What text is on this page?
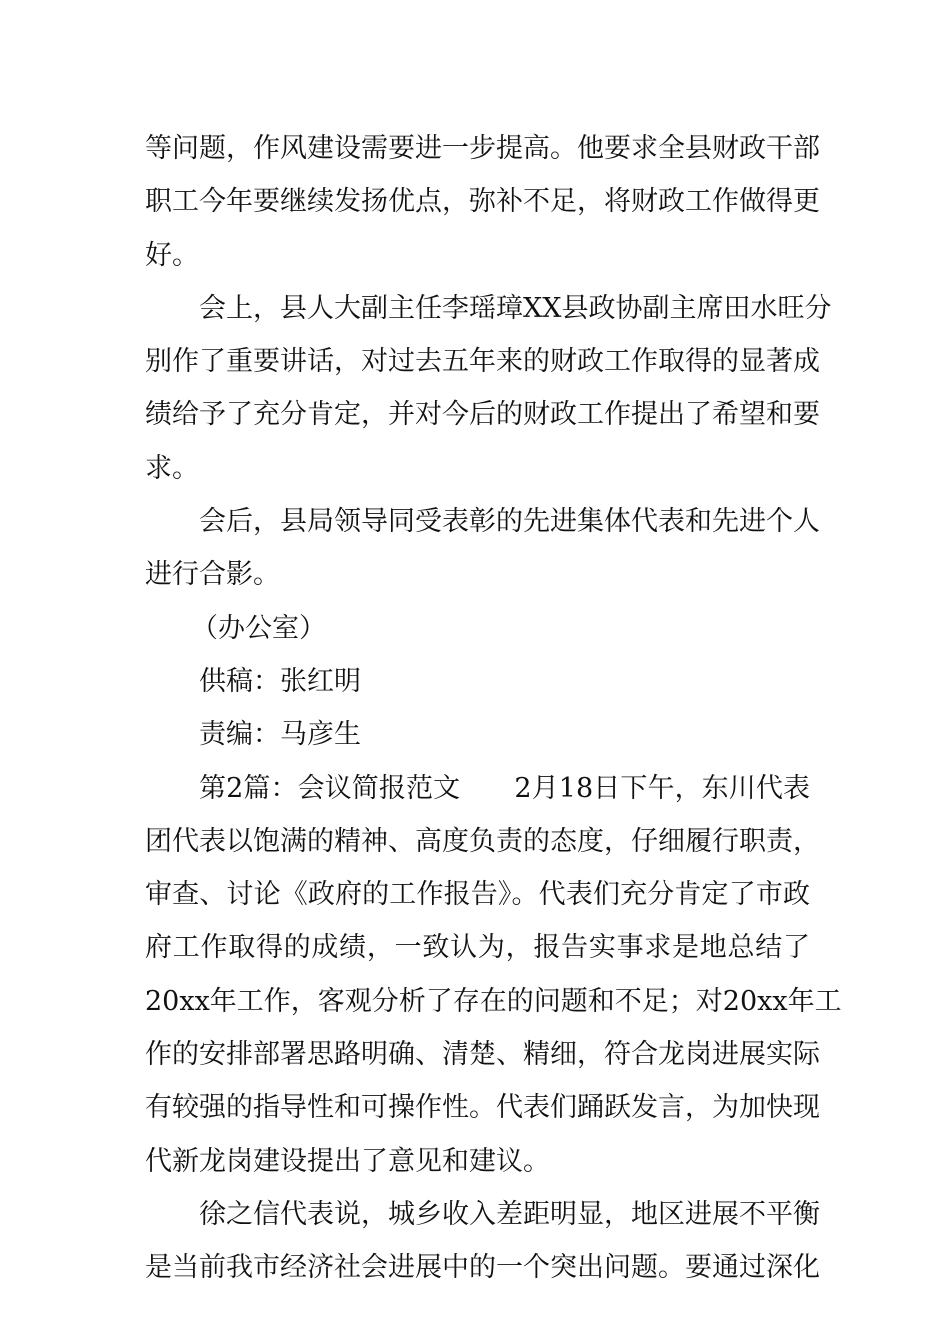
等问题，作风建设需要进一步提高。他要求全县财政干部
职工今年要继续发扬优点，弥补不足，将财政工作做得更
好。
会上，县人大副主任李瑶璋XX县政协副主席田水旺分
别作了重要讲话，对过去五年来的财政工作取得的显著成
绩给予了充分肯定，并对今后的财政工作提出了希望和要
求。
会后，县局领导同受表彰的先进集体代表和先进个人
进行合影。
（办公室）
供稿：张红明
责编：马彦生
第2篇：会议简报范文　　2月18日下午，东川代表
团代表以饱满的精神、高度负责的态度，仔细履行职责，
审查、讨论《政府的工作报告》。代表们充分肯定了市政
府工作取得的成绩，一致认为，报告实事求是地总结了
20xx年工作，客观分析了存在的问题和不足；对20xx年工
作的安排部署思路明确、清楚、精细，符合龙岗进展实际
有较强的指导性和可操作性。代表们踊跃发言，为加快现
代新龙岗建设提出了意见和建议。
徐之信代表说，城乡收入差距明显，地区进展不平衡
是当前我市经济社会进展中的一个突出问题。要通过深化
